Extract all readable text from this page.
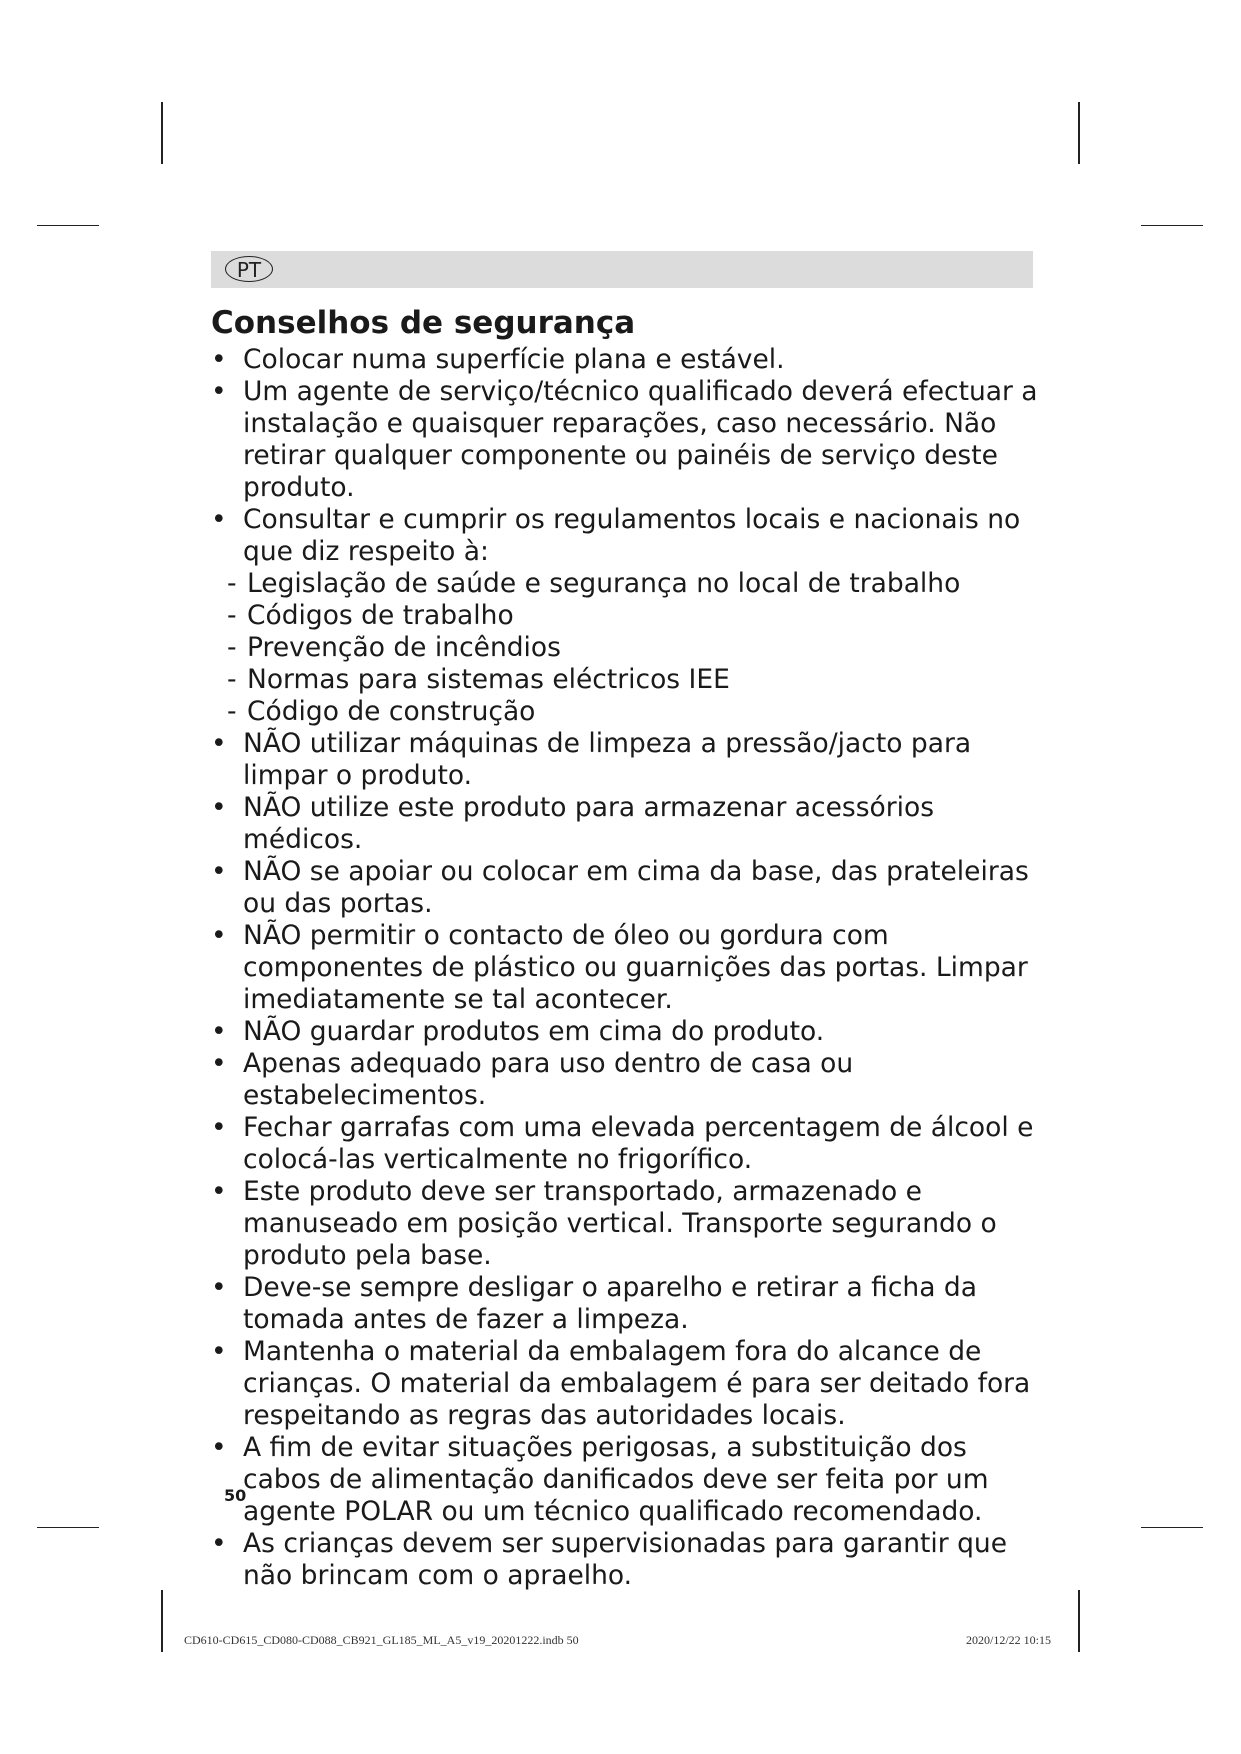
PT
Conselhos de segurança
• Colocar numa superfície plana e estável.
• Um agente de serviço/técnico qualificado deverá efectuar a instalação e quaisquer reparações, caso necessário. Não retirar qualquer componente ou painéis de serviço deste produto.
• Consultar e cumprir os regulamentos locais e nacionais no que diz respeito à:
- Legislação de saúde e segurança no local de trabalho
- Códigos de trabalho
- Prevenção de incêndios
- Normas para sistemas eléctricos IEE
- Código de construção
• NÃO utilizar máquinas de limpeza a pressão/jacto para limpar o produto.
• NÃO utilize este produto para armazenar acessórios médicos.
• NÃO se apoiar ou colocar em cima da base, das prateleiras ou das portas.
• NÃO permitir o contacto de óleo ou gordura com componentes de plástico ou guarnições das portas. Limpar imediatamente se tal acontecer.
• NÃO guardar produtos em cima do produto.
• Apenas adequado para uso dentro de casa ou estabelecimentos.
• Fechar garrafas com uma elevada percentagem de álcool e colocá-las verticalmente no frigorífico.
• Este produto deve ser transportado, armazenado e manuseado em posição vertical. Transporte segurando o produto pela base.
• Deve-se sempre desligar o aparelho e retirar a ficha da tomada antes de fazer a limpeza.
• Mantenha o material da embalagem fora do alcance de crianças. O material da embalagem é para ser deitado fora respeitando as regras das autoridades locais.
• A fim de evitar situações perigosas, a substituição dos cabos de alimentação danificados deve ser feita por um agente POLAR ou um técnico qualificado recomendado.
• As crianças devem ser supervisionadas para garantir que não brincam com o apraelho.
50
CD610-CD615_CD080-CD088_CB921_GL185_ML_A5_v19_20201222.indb 50	2020/12/22 10:15
